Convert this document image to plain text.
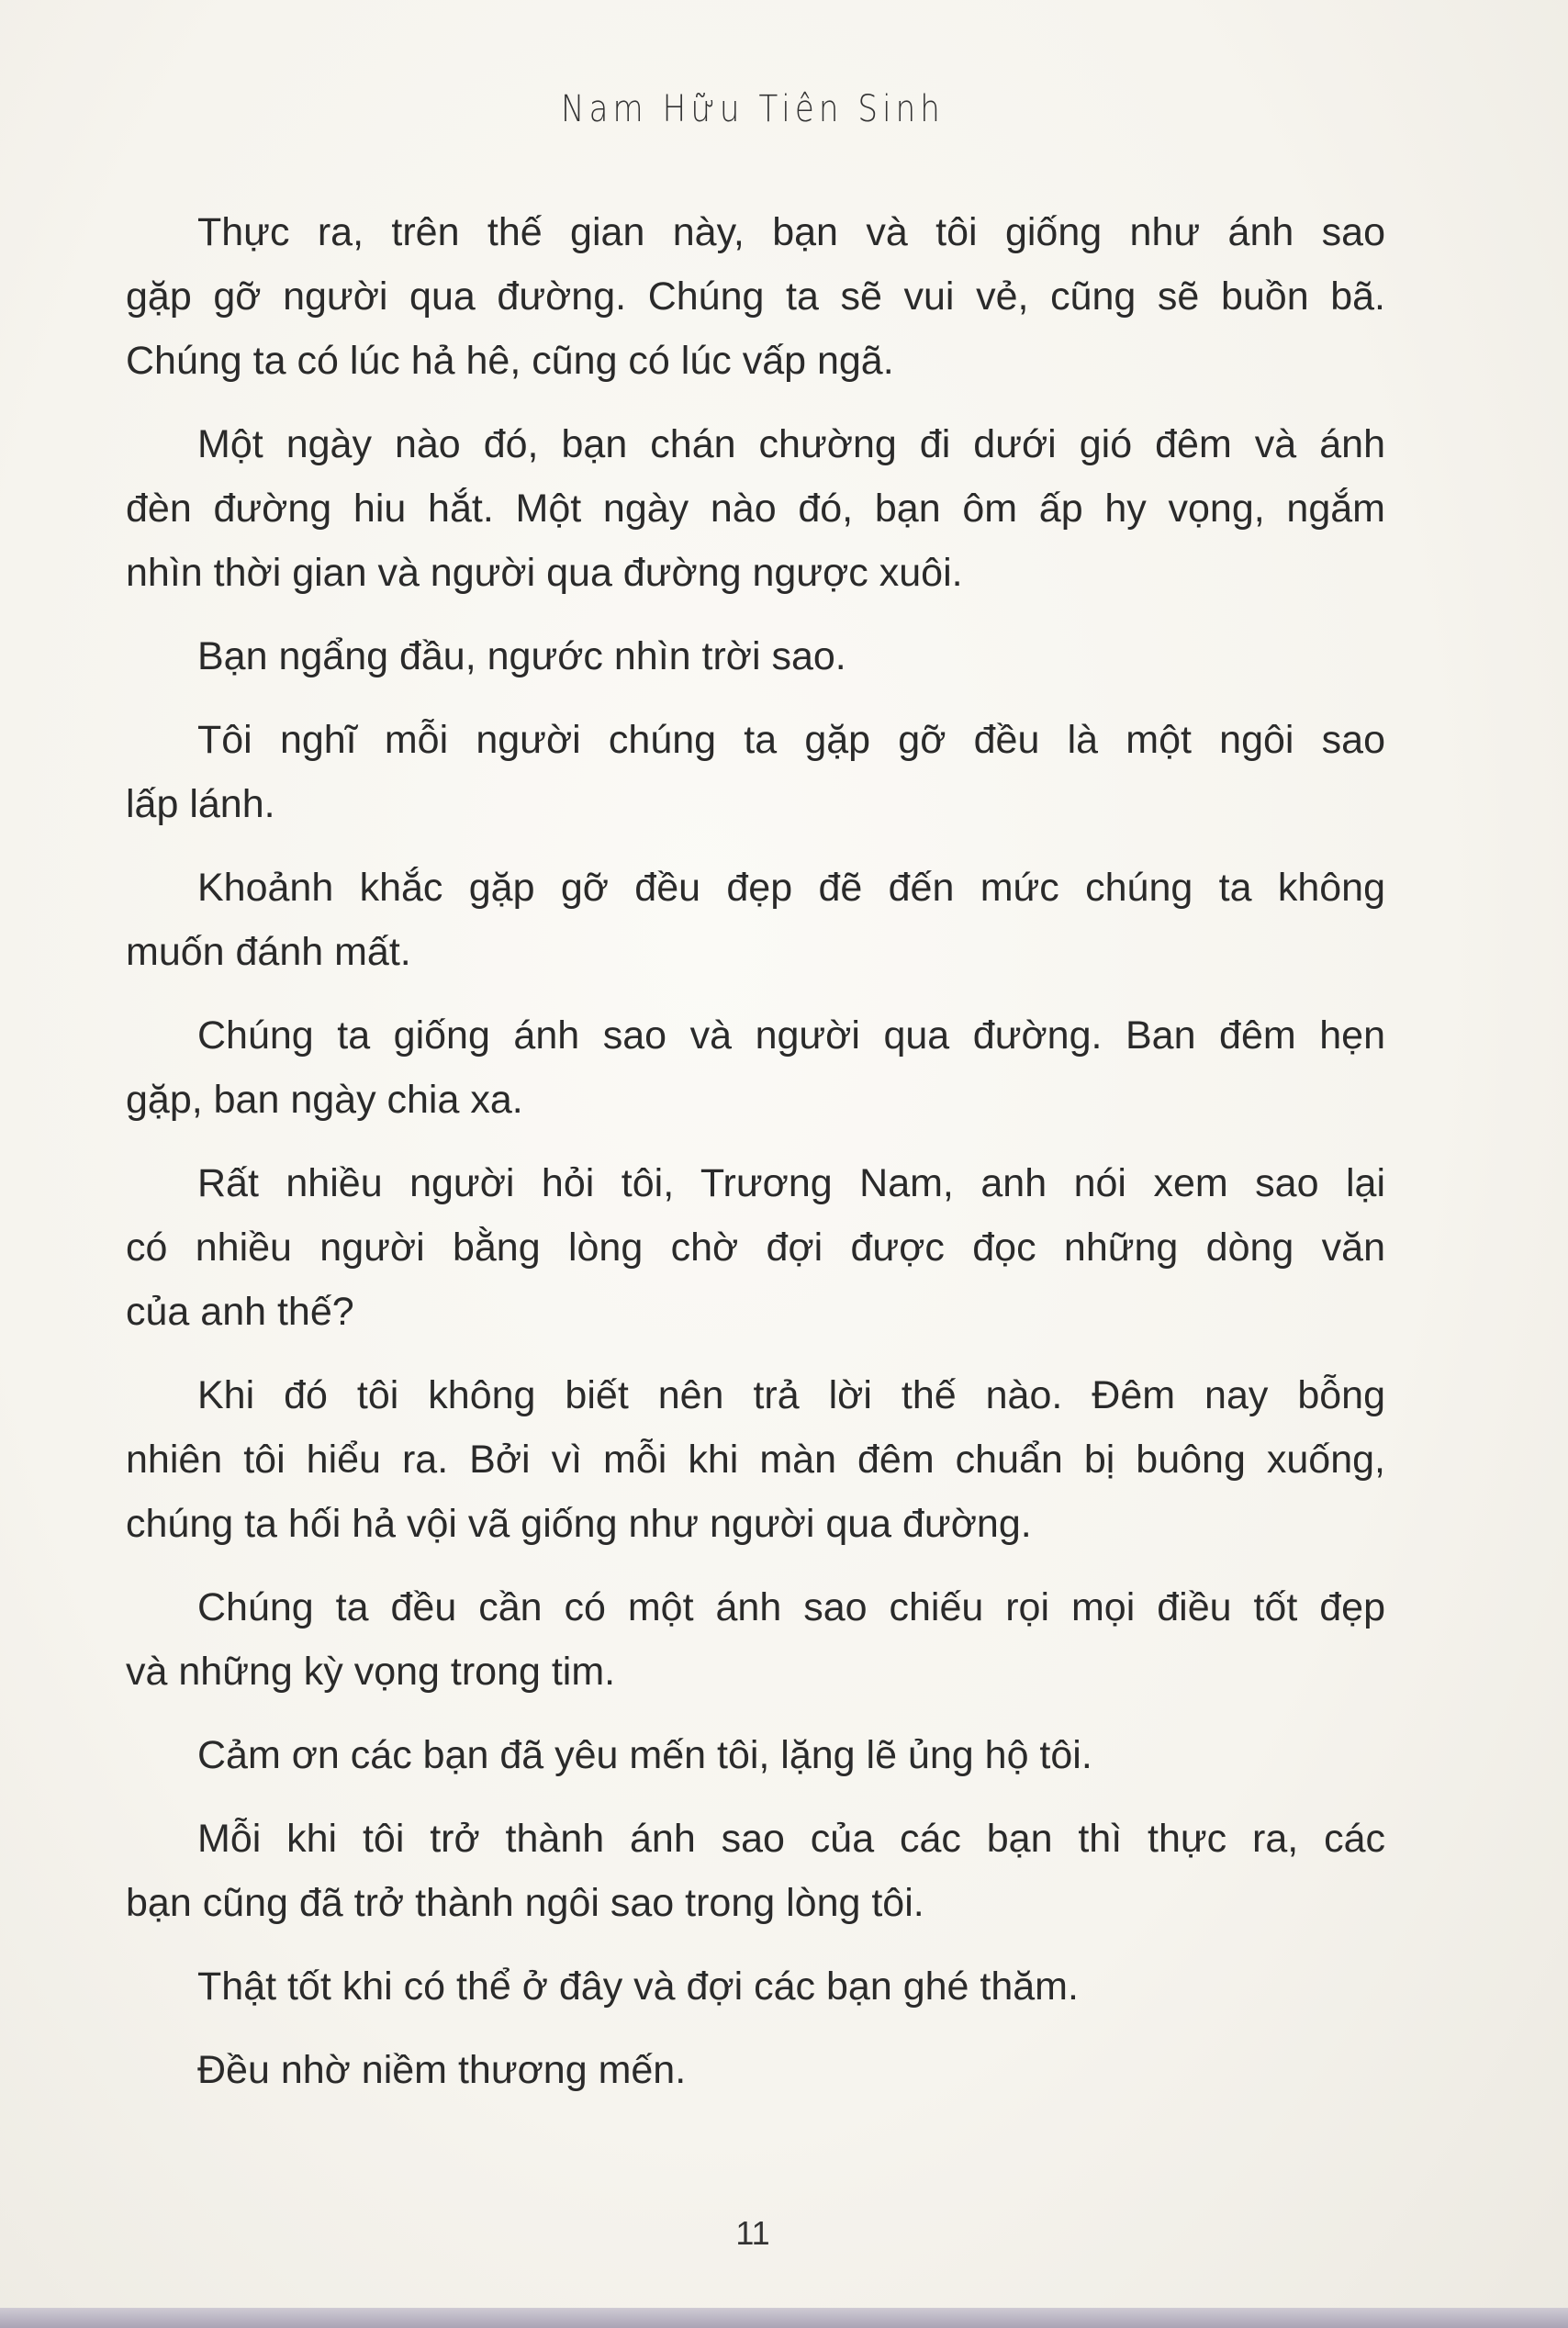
Nam Hữu Tiên Sinh
Thực ra, trên thế gian này, bạn và tôi giống như ánh sao
gặp gỡ người qua đường. Chúng ta sẽ vui vẻ, cũng sẽ buồn bã.
Chúng ta có lúc hả hê, cũng có lúc vấp ngã.
Một ngày nào đó, bạn chán chường đi dưới gió đêm và ánh
đèn đường hiu hắt. Một ngày nào đó, bạn ôm ấp hy vọng, ngắm
nhìn thời gian và người qua đường ngược xuôi.
Bạn ngẩng đầu, ngước nhìn trời sao.
Tôi nghĩ mỗi người chúng ta gặp gỡ đều là một ngôi sao
lấp lánh.
Khoảnh khắc gặp gỡ đều đẹp đẽ đến mức chúng ta không
muốn đánh mất.
Chúng ta giống ánh sao và người qua đường. Ban đêm hẹn
gặp, ban ngày chia xa.
Rất nhiều người hỏi tôi, Trương Nam, anh nói xem sao lại
có nhiều người bằng lòng chờ đợi được đọc những dòng văn
của anh thế?
Khi đó tôi không biết nên trả lời thế nào. Đêm nay bỗng
nhiên tôi hiểu ra. Bởi vì mỗi khi màn đêm chuẩn bị buông xuống,
chúng ta hối hả vội vã giống như người qua đường.
Chúng ta đều cần có một ánh sao chiếu rọi mọi điều tốt đẹp
và những kỳ vọng trong tim.
Cảm ơn các bạn đã yêu mến tôi, lặng lẽ ủng hộ tôi.
Mỗi khi tôi trở thành ánh sao của các bạn thì thực ra, các
bạn cũng đã trở thành ngôi sao trong lòng tôi.
Thật tốt khi có thể ở đây và đợi các bạn ghé thăm.
Đều nhờ niềm thương mến.
11
